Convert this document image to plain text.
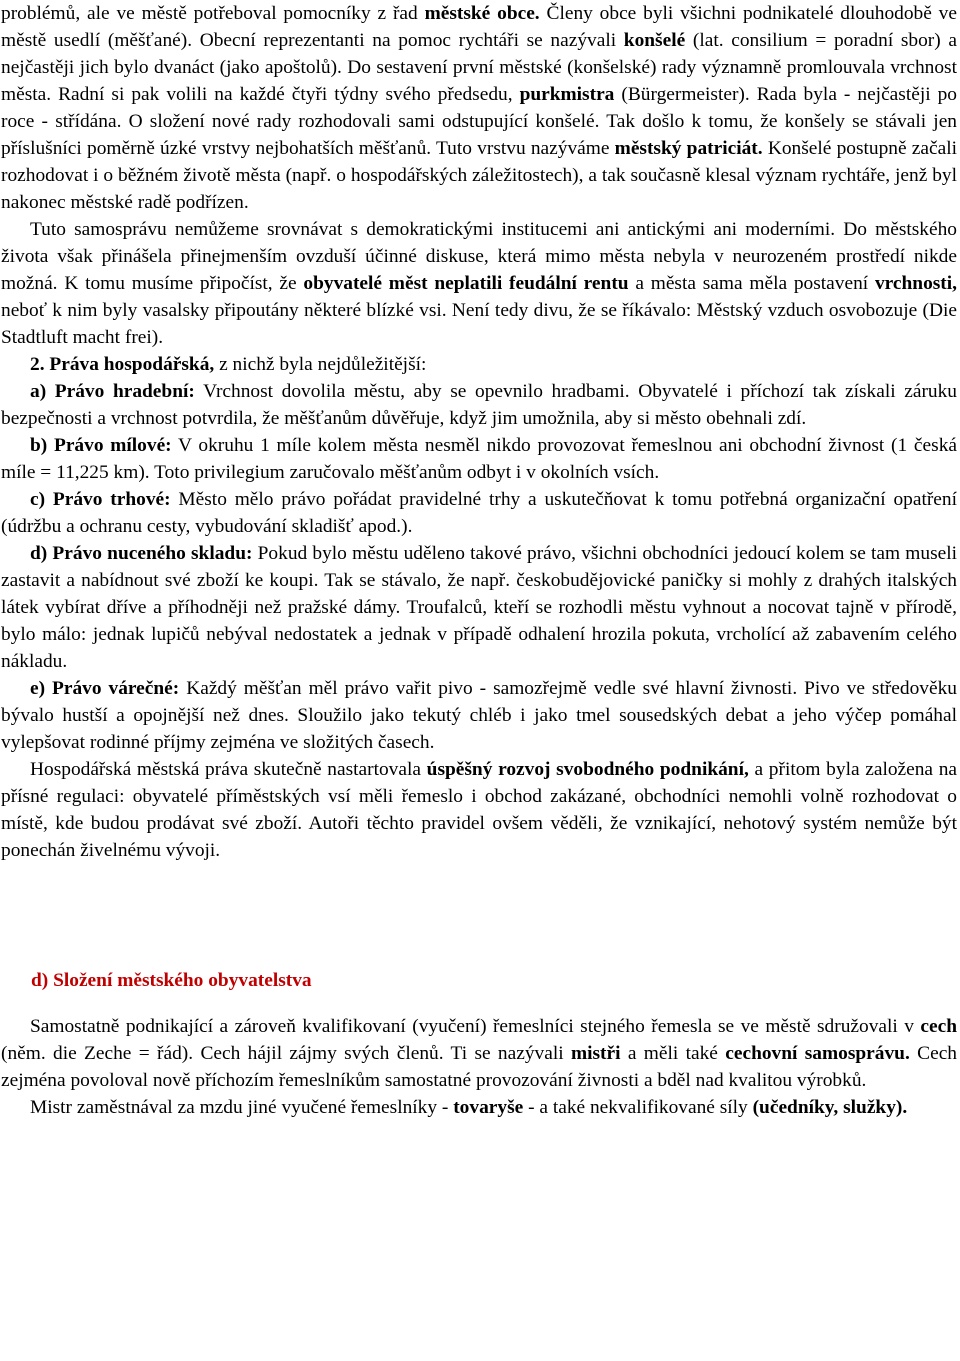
problémů, ale ve městě potřeboval pomocníky z řad městské obce. Členy obce byli všichni podnikatelé dlouhodobě ve městě usedlí (měšťané). Obecní reprezentanti na pomoc rychtáři se nazývali konšelé (lat. consilium = poradní sbor) a nejčastěji jich bylo dvanáct (jako apoštolů). Do sestavení první městské (konšelské) rady významně promlouvala vrchnost města. Radní si pak volili na každé čtyři týdny svého předsedu, purkmistra (Bürgermeister). Rada byla - nejčastěji po roce - střídána. O složení nové rady rozhodovali sami odstupující konšelé. Tak došlo k tomu, že konšely se stávali jen příslušníci poměrně úzké vrstvy nejbohatších měšťanů. Tuto vrstvu nazýváme městský patriciát. Konšelé postupně začali rozhodovat i o běžném životě města (např. o hospodářských záležitostech), a tak současně klesal význam rychtáře, jenž byl nakonec městské radě podřízen.

Tuto samosprávu nemůžeme srovnávat s demokratickými institucemi ani antickými ani moderními. Do městského života však přinášela přinejmenším ovzduší účinné diskuse, která mimo města nebyla v neurozeném prostředí nikde možná. K tomu musíme připočíst, že obyvatelé měst neplatili feudální rentu a města sama měla postavení vrchnosti, neboť k nim byly vasalsky připoutány některé blízké vsi. Není tedy divu, že se říkávalo: Městský vzduch osvobozuje (Die Stadtluft macht frei).

2. Práva hospodářská, z nichž byla nejdůležitější:

a) Právo hradební: Vrchnost dovolila městu, aby se opevnilo hradbami. Obyvatelé i příchozí tak získali záruku bezpečnosti a vrchnost potvrdila, že měšťanům důvěřuje, když jim umožnila, aby si město obehnali zdí.

b) Právo mílové: V okruhu 1 míle kolem města nesměl nikdo provozovat řemeslnou ani obchodní živnost (1 česká míle = 11,225 km). Toto privilegium zaručovalo měšťanům odbyt i v okolních vsích.

c) Právo trhové: Město mělo právo pořádat pravidelné trhy a uskutečňovat k tomu potřebná organizační opatření (údržbu a ochranu cesty, vybudování skladišť apod.).

d) Právo nuceného skladu: Pokud bylo městu uděleno takové právo, všichni obchodníci jedoucí kolem se tam museli zastavit a nabídnout své zboží ke koupi. Tak se stávalo, že např. českobudějovické paničky si mohly z drahých italských látek vybírat dříve a příhodněji než pražské dámy. Troufalců, kteří se rozhodli městu vyhnout a nocovat tajně v přírodě, bylo málo: jednak lupičů nebýval nedostatek a jednak v případě odhalení hrozila pokuta, vrcholící až zabavením celého nákladu.

e) Právo várečné: Každý měšťan měl právo vařit pivo - samozřejmě vedle své hlavní živnosti. Pivo ve středověku bývalo hustší a opojnější než dnes. Sloužilo jako tekutý chléb i jako tmel sousedských debat a jeho výčep pomáhal vylepšovat rodinné příjmy zejména ve složitých časech.

Hospodářská městská práva skutečně nastartovala úspěšný rozvoj svobodného podnikání, a přitom byla založena na přísné regulaci: obyvatelé příměstských vsí měli řemeslo i obchod zakázané, obchodníci nemohli volně rozhodovat o místě, kde budou prodávat své zboží. Autoři těchto pravidel ovšem věděli, že vznikající, nehotový systém nemůže být ponechán živelnému vývoji.

d) Složení městského obyvatelstva

Samostatně podnikající a zároveň kvalifikovaní (vyučení) řemeslníci stejného řemesla se ve městě sdružovali v cech (něm. die Zeche = řád). Cech hájil zájmy svých členů. Ti se nazývali mistři a měli také cechovní samosprávu. Cech zejména povoloval nově příchozím řemeslníkům samostatné provozování živnosti a bděl nad kvalitou výrobků.

Mistr zaměstnával za mzdu jiné vyučené řemeslníky - tovaryše - a také nekvalifikované síly (učedníky, služky).
